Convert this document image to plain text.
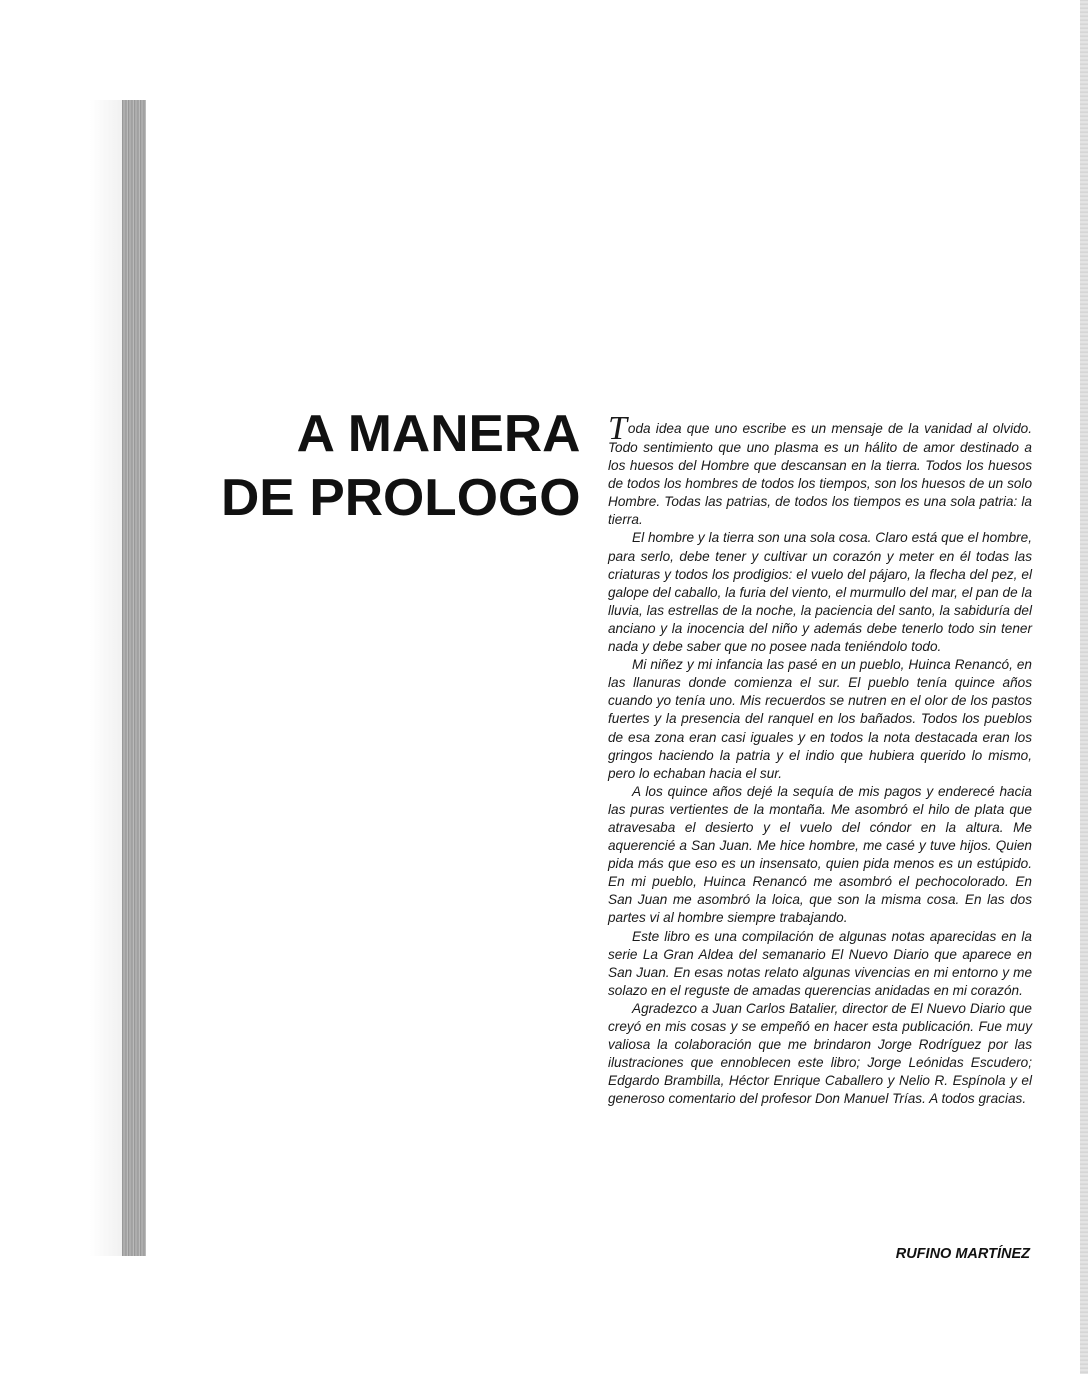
A MANERA
DE PROLOGO

Toda idea que uno escribe es un mensaje de la vanidad al olvido. Todo sentimiento que uno plasma es un hálito de amor destinado a los huesos del Hombre que descansan en la tierra. Todos los huesos de todos los hombres de todos los tiempos, son los huesos de un solo Hombre. Todas las patrias, de todos los tiempos es una sola patria: la tierra.

El hombre y la tierra son una sola cosa. Claro está que el hombre, para serlo, debe tener y cultivar un corazón y meter en él todas las criaturas y todos los prodigios: el vuelo del pájaro, la flecha del pez, el galope del caballo, la furia del viento, el murmullo del mar, el pan de la lluvia, las estrellas de la noche, la paciencia del santo, la sabiduría del anciano y la inocencia del niño y además debe tenerlo todo sin tener nada y debe saber que no posee nada teniéndolo todo.

Mi niñez y mi infancia las pasé en un pueblo, Huinca Renancó, en las llanuras donde comienza el sur. El pueblo tenía quince años cuando yo tenía uno. Mis recuerdos se nutren en el olor de los pastos fuertes y la presencia del ranquel en los bañados. Todos los pueblos de esa zona eran casi iguales y en todos la nota destacada eran los gringos haciendo la patria y el indio que hubiera querido lo mismo, pero lo echaban hacia el sur.

A los quince años dejé la sequía de mis pagos y enderecé hacia las puras vertientes de la montaña. Me asombró el hilo de plata que atravesaba el desierto y el vuelo del cóndor en la altura. Me aquerencié a San Juan. Me hice hombre, me casé y tuve hijos. Quien pida más que eso es un insensato, quien pida menos es un estúpido. En mi pueblo, Huinca Renancó me asombró el pechocolorado. En San Juan me asombró la loica, que son la misma cosa. En las dos partes vi al hombre siempre trabajando.

Este libro es una compilación de algunas notas aparecidas en la serie La Gran Aldea del semanario El Nuevo Diario que aparece en San Juan. En esas notas relato algunas vivencias en mi entorno y me solazo en el reguste de amadas querencias anidadas en mi corazón.

Agradezco a Juan Carlos Batalier, director de El Nuevo Diario que creyó en mis cosas y se empeñó en hacer esta publicación. Fue muy valiosa la colaboración que me brindaron Jorge Rodríguez por las ilustraciones que ennoblecen este libro; Jorge Leónidas Escudero; Edgardo Brambilla, Héctor Enrique Caballero y Nelio R. Espínola y el generoso comentario del profesor Don Manuel Trías. A todos gracias.

RUFINO MARTÍNEZ
